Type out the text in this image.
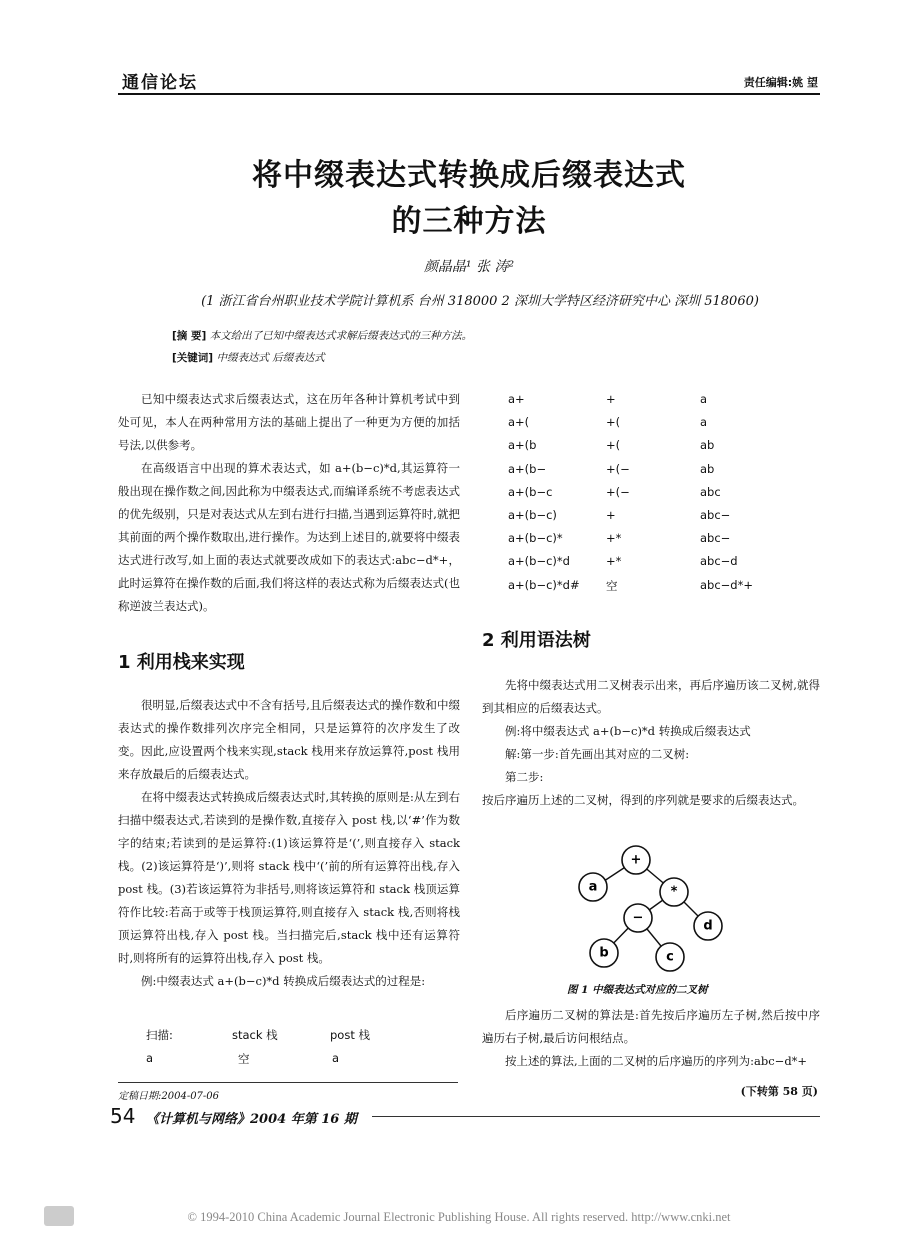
通信论坛	责任编辑:姚 望
将中缀表达式转换成后缀表达式
的三种方法
颜晶晶¹ 张 涛²
(1 浙江省台州职业技术学院计算机系 台州 318000 2 深圳大学特区经济研究中心 深圳 518060)
[摘 要] 本文给出了已知中缀表达式求解后缀表达式的三种方法。
[关键词] 中缀表达式 后缀表达式

已知中缀表达式求后缀表达式，这在历年各种计算机考试中到处可见，本人在两种常用方法的基础上提出了一种更为方便的加括号法,以供参考。

在高级语言中出现的算术表达式，如 a+(b−c)*d,其运算符一般出现在操作数之间,因此称为中缀表达式,而编译系统不考虑表达式的优先级别，只是对表达式从左到右进行扫描,当遇到运算符时,就把其前面的两个操作数取出,进行操作。为达到上述目的,就要将中缀表达式进行改写,如上面的表达式就要改成如下的表达式:abc−d*+，此时运算符在操作数的后面,我们将这样的表达式称为后缀表达式(也称逆波兰表达式)。

1 利用栈来实现

很明显,后缀表达式中不含有括号,且后缀表达式的操作数和中缀表达式的操作数排列次序完全相同，只是运算符的次序发生了改变。因此,应设置两个栈来实现,stack 栈用来存放运算符,post 栈用来存放最后的后缀表达式。

在将中缀表达式转换成后缀表达式时,其转换的原则是:从左到右扫描中缀表达式,若读到的是操作数,直接存入 post 栈,以‘#’作为数字的结束;若读到的是运算符:(1)该运算符是‘(’,则直接存入 stack 栈。(2)该运算符是‘)’,则将 stack 栈中‘(’前的所有运算符出栈,存入 post 栈。(3)若该运算符为非括号,则将该运算符和 stack 栈顶运算符作比较:若高于或等于栈顶运算符,则直接存入 stack 栈,否则将栈顶运算符出栈,存入 post 栈。当扫描完后,stack 栈中还有运算符时,则将所有的运算符出栈,存入 post 栈。

例:中缀表达式 a+(b−c)*d 转换成后缀表达式的过程是:

扫描:	stack 栈	post 栈
a	空	a
a+	+	a
a+(	+(	a
a+(b	+(	ab
a+(b−	+(−	ab
a+(b−c	+(−	abc
a+(b−c)	+	abc−
a+(b−c)*	+*	abc−
a+(b−c)*d	+*	abc−d
a+(b−c)*d# 空	abc−d*+
2 利用语法树

先将中缀表达式用二叉树表示出来，再后序遍历该二叉树,就得到其相应的后缀表达式。

例:将中缀表达式 a+(b−c)*d 转换成后缀表达式

解:第一步:首先画出其对应的二叉树:

第二步:

按后序遍历上述的二叉树，得到的序列就是要求的后缀表达式。

+
a	*
−
d
b	c
图 1 中缀表达式对应的二叉树

后序遍历二叉树的算法是:首先按后序遍历左子树,然后按中序遍历右子树,最后访问根结点。

按上述的算法,上面的二叉树的后序遍历的序列为:abc−d*+

(下转第 58 页)
定稿日期:2004-07-06
54 《计算机与网络》2004 年第 16 期
© 1994-2010 China Academic Journal Electronic Publishing House. All rights reserved. http://www.cnki.net
